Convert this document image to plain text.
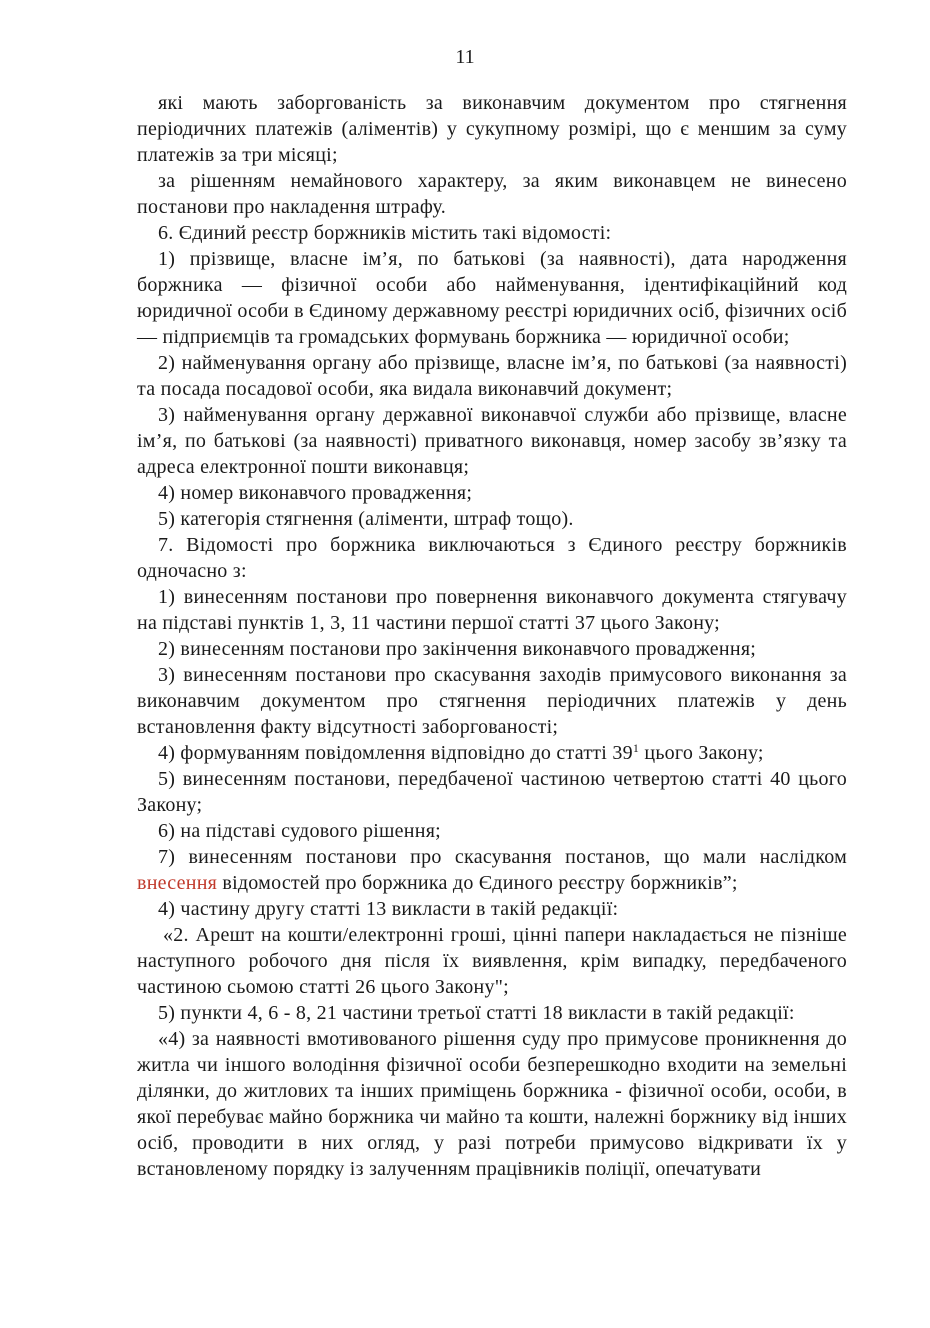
11

які мають заборгованість за виконавчим документом про стягнення періодичних платежів (аліментів) у сукупному розмірі, що є меншим за суму платежів за три місяці;

за рішенням немайнового характеру, за яким виконавцем не винесено постанови про накладення штрафу.

6. Єдиний реєстр боржників містить такі відомості:

1) прізвище, власне ім’я, по батькові (за наявності), дата народження боржника — фізичної особи або найменування, ідентифікаційний код юридичної особи в Єдиному державному реєстрі юридичних осіб, фізичних осіб — підприємців та громадських формувань боржника — юридичної особи;

2) найменування органу або прізвище, власне ім’я, по батькові (за наявності) та посада посадової особи, яка видала виконавчий документ;

3) найменування органу державної виконавчої служби або прізвище, власне ім’я, по батькові (за наявності) приватного виконавця, номер засобу зв’язку та адреса електронної пошти виконавця;

4) номер виконавчого провадження;

5) категорія стягнення (аліменти, штраф тощо).

7. Відомості про боржника виключаються з Єдиного реєстру боржників одночасно з:

1) винесенням постанови про повернення виконавчого документа стягувачу на підставі пунктів 1, 3, 11 частини першої статті 37 цього Закону;

2) винесенням постанови про закінчення виконавчого провадження;

3) винесенням постанови про скасування заходів примусового виконання за виконавчим документом про стягнення періодичних платежів у день встановлення факту відсутності заборгованості;

4) формуванням повідомлення відповідно до статті $39^1$ цього Закону;

5) винесенням постанови, передбаченої частиною четвертою статті 40 цього Закону;

6) на підставі судового рішення;

7) винесенням постанови про скасування постанов, що мали наслідком внесення відомостей про боржника до Єдиного реєстру боржників”;

4) частину другу статті 13 викласти в такій редакції:

«2. Арешт на кошти/електронні гроші, цінні папери накладається не пізніше наступного робочого дня після їх виявлення, крім випадку, передбаченого частиною сьомою статті 26 цього Закону";

5) пункти 4, 6 - 8, 21 частини третьої статті 18 викласти в такій редакції:

«4) за наявності вмотивованого рішення суду про примусове проникнення до житла чи іншого володіння фізичної особи безперешкодно входити на земельні ділянки, до житлових та інших приміщень боржника - фізичної особи, особи, в якої перебуває майно боржника чи майно та кошти, належні боржнику від інших осіб, проводити в них огляд, у разі потреби примусово відкривати їх у встановленому порядку із залученням працівників поліції, опечатувати
